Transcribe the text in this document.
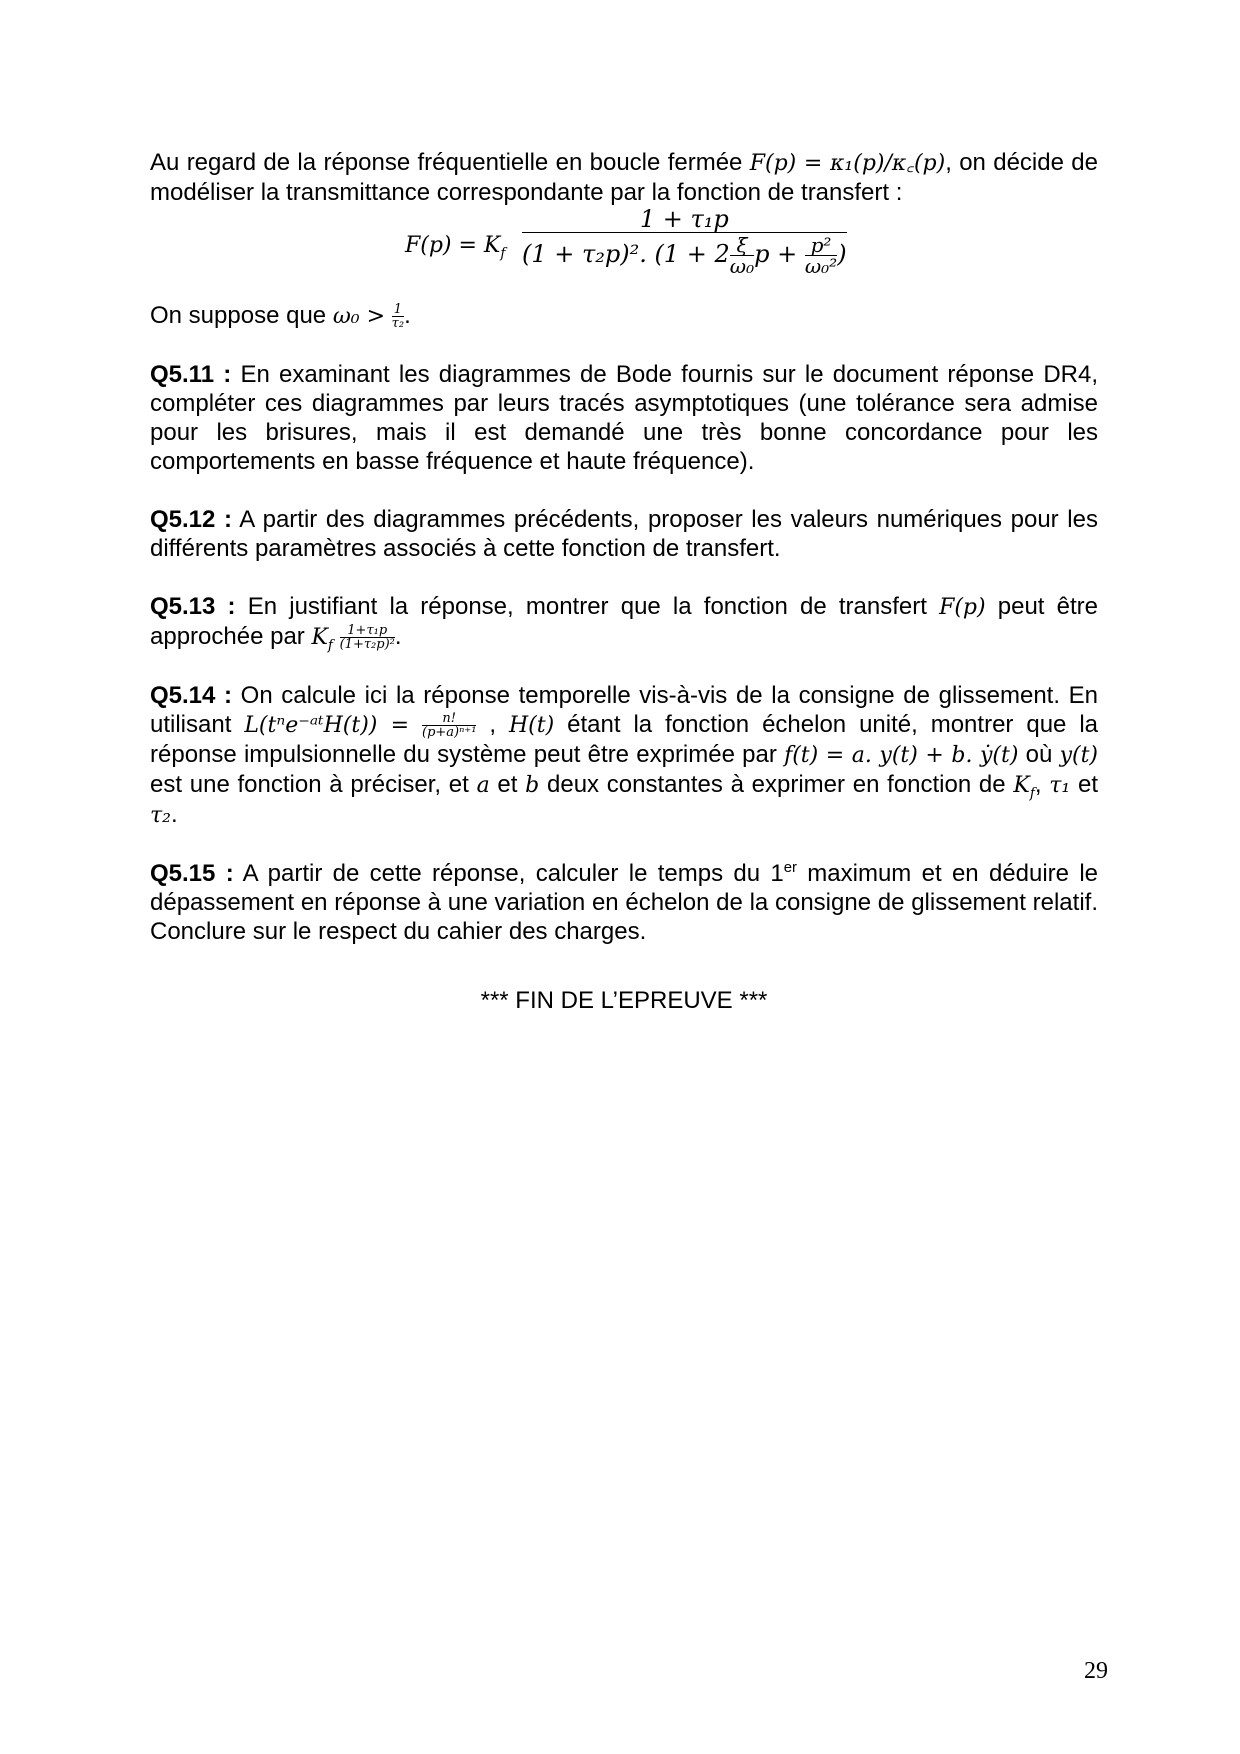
Au regard de la réponse fréquentielle en boucle fermée F(p) = κ₁(p)/κ꜀(p), on décide de modéliser la transmittance correspondante par la fonction de transfert :

$F(p) = K_f \frac{\text{1 + τ₁p}}{(1 + \tau_2p)^2. (1 + 2 \frac{\xi}{\text{ω₀}} p + \frac{\text{p²}}{\text{ω₀²}} )}$

On suppose que $\omega_0 > \frac{1}{\text{τ₂}}$ .

Q5.11 : En examinant les diagrammes de Bode fournis sur le document réponse DR4, compléter ces diagrammes par leurs tracés asymptotiques (une tolérance sera admise pour les brisures, mais il est demandé une très bonne concordance pour les comportements en basse fréquence et haute fréquence).

Q5.12 : A partir des diagrammes précédents, proposer les valeurs numériques pour les différents paramètres associés à cette fonction de transfert.

Q5.13 : En justifiant la réponse, montrer que la fonction de transfert F(p) peut être approchée par $K_f \frac{\text{1+τ₁p}}{\text{(1+τ₂p)²}}$ .

Q5.14 : On calcule ici la réponse temporelle vis-à-vis de la consigne de glissement. En utilisant L(tⁿe⁻ᵃᵗH(t)) = $\frac{n!}{\text{(p+a)ⁿ⁺¹}}$ , H(t) étant la fonction échelon unité, montrer que la réponse impulsionnelle du système peut être exprimée par f(t) = a. y(t) + b. ẏ(t) où y(t) est une fonction à préciser, et a et b deux constantes à exprimer en fonction de $K_f$, τ₁ et τ₂.

Q5.15 : A partir de cette réponse, calculer le temps du 1er maximum et en déduire le dépassement en réponse à une variation en échelon de la consigne de glissement relatif. Conclure sur le respect du cahier des charges.

*** FIN DE L’EPREUVE ***

29
